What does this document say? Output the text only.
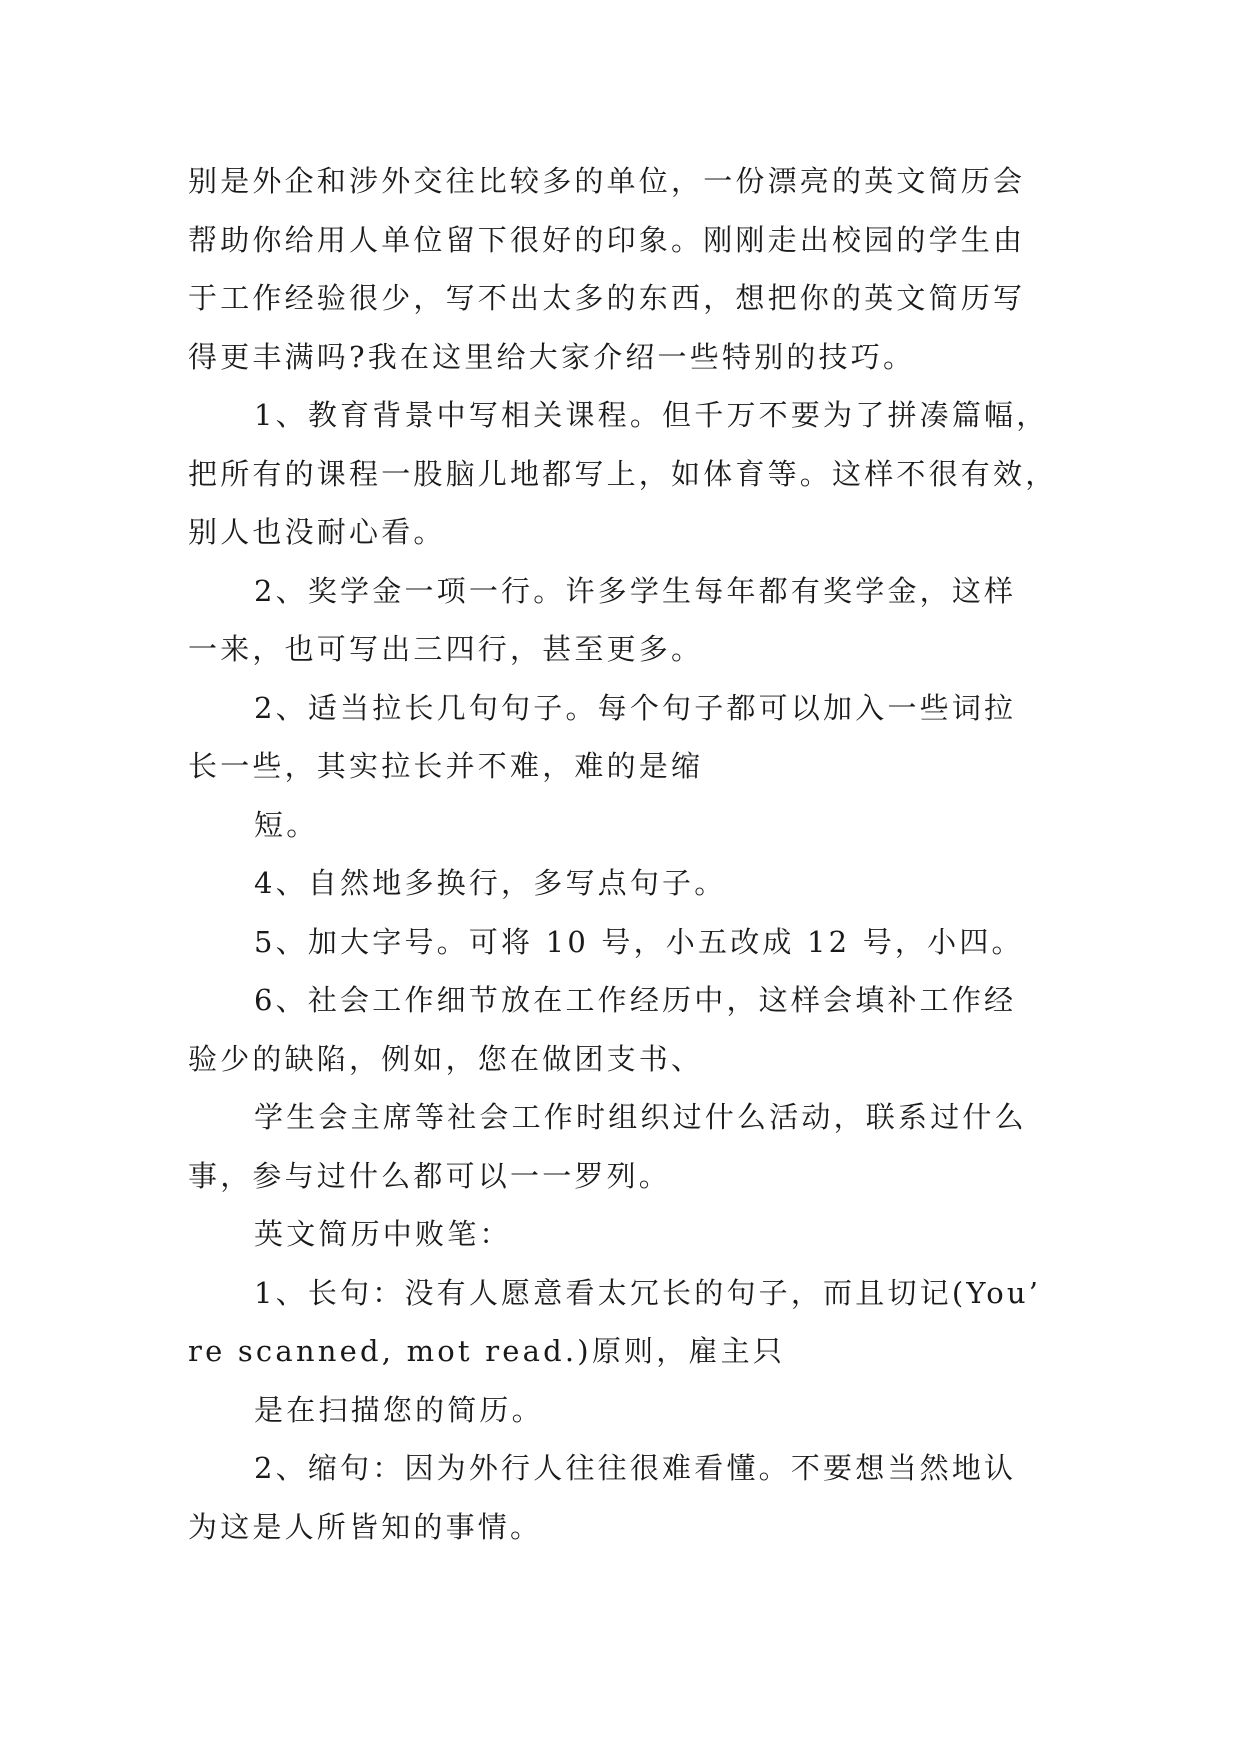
别是外企和涉外交往比较多的单位，一份漂亮的英文简历会
帮助你给用人单位留下很好的印象。刚刚走出校园的学生由
于工作经验很少，写不出太多的东西，想把你的英文简历写
得更丰满吗?我在这里给大家介绍一些特别的技巧。
1、教育背景中写相关课程。但千万不要为了拼凑篇幅，
把所有的课程一股脑儿地都写上，如体育等。这样不很有效，
别人也没耐心看。
2、奖学金一项一行。许多学生每年都有奖学金，这样
一来，也可写出三四行，甚至更多。
2、适当拉长几句句子。每个句子都可以加入一些词拉
长一些，其实拉长并不难，难的是缩
短。
4、自然地多换行，多写点句子。
5、加大字号。可将 10 号，小五改成 12 号，小四。
6、社会工作细节放在工作经历中，这样会填补工作经
验少的缺陷，例如，您在做团支书、
学生会主席等社会工作时组织过什么活动，联系过什么
事，参与过什么都可以一一罗列。
英文简历中败笔：
1、长句：没有人愿意看太冗长的句子，而且切记(You’
re scanned, mot read.)原则，雇主只
是在扫描您的简历。
2、缩句：因为外行人往往很难看懂。不要想当然地认
为这是人所皆知的事情。
